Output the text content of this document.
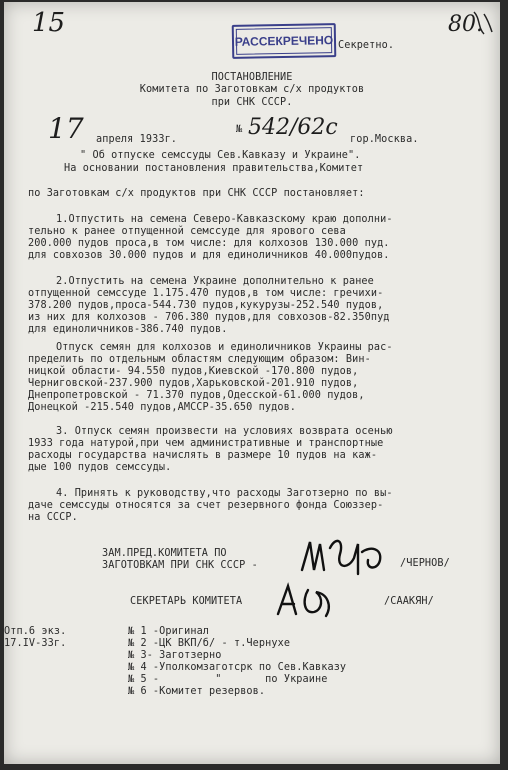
15	80.
РАССЕКРЕЧЕНО Секретно.
ПОСТАНОВЛЕНИЕ
Комитета по Заготовкам с/х продуктов
при СНК СССР.
17 апреля 1933г.
№ 542/62с гор.Москва.
" Об отпуске семссуды Сев.Кавказу и Украине".
На основании постановления правительства,Комитет
по Заготовкам с/х продуктов при СНК СССР постановляет:
1.Отпустить на семена Северо-Кавказскому краю дополни-
тельно к ранее отпущенной семссуде для ярового сева
200.000 пудов проса,в том числе: для колхозов 130.000 пуд.
для совхозов 30.000 пудов и для единоличников 40.000пудов.
2.Отпустить на семена Украине дополнительно к ранее
отпущенной семссуде 1.175.470 пудов,в том числе: гречихи-
378.200 пудов,проса-544.730 пудов,кукурузы-252.540 пудов,
из них для колхозов - 706.380 пудов,для совхозов-82.350пуд
для единоличников-386.740 пудов.
Отпуск семян для колхозов и единоличников Украины рас-
пределить по отдельным областям следующим образом: Вин-
ницкой области- 94.550 пудов,Киевской -170.800 пудов,
Черниговской-237.900 пудов,Харьковской-201.910 пудов,
Днепропетровской - 71.370 пудов,Одесской-61.000 пудов,
Донецкой -215.540 пудов,АМССР-35.650 пудов.
3. Отпуск семян произвести на условиях возврата осенью
1933 года натурой,при чем административные и транспортные
расходы государства начислять в размере 10 пудов на каж-
дые 100 пудов семссуды.
4. Принять к руководству,что расходы Заготзерно по вы-
даче семссуды относятся за счет резервного фонда Союззер-
на СССР.
ЗАМ.ПРЕД.КОМИТЕТА ПО
ЗАГОТОВКАМ ПРИ СНК СССР -	/ЧЕРНОВ/
СЕКРЕТАРЬ КОМИТЕТА	/СААКЯН/
Отп.6 экз.
17.IV-33г.
№ 1 -Оригинал
№ 2 -ЦК ВКП/б/ - т.Чернухе
№ 3- Заготзерно
№ 4 -Уполкомзаготсрк по Сев.Кавказу
№ 5 -         "       по Украине
№ 6 -Комитет резервов.
